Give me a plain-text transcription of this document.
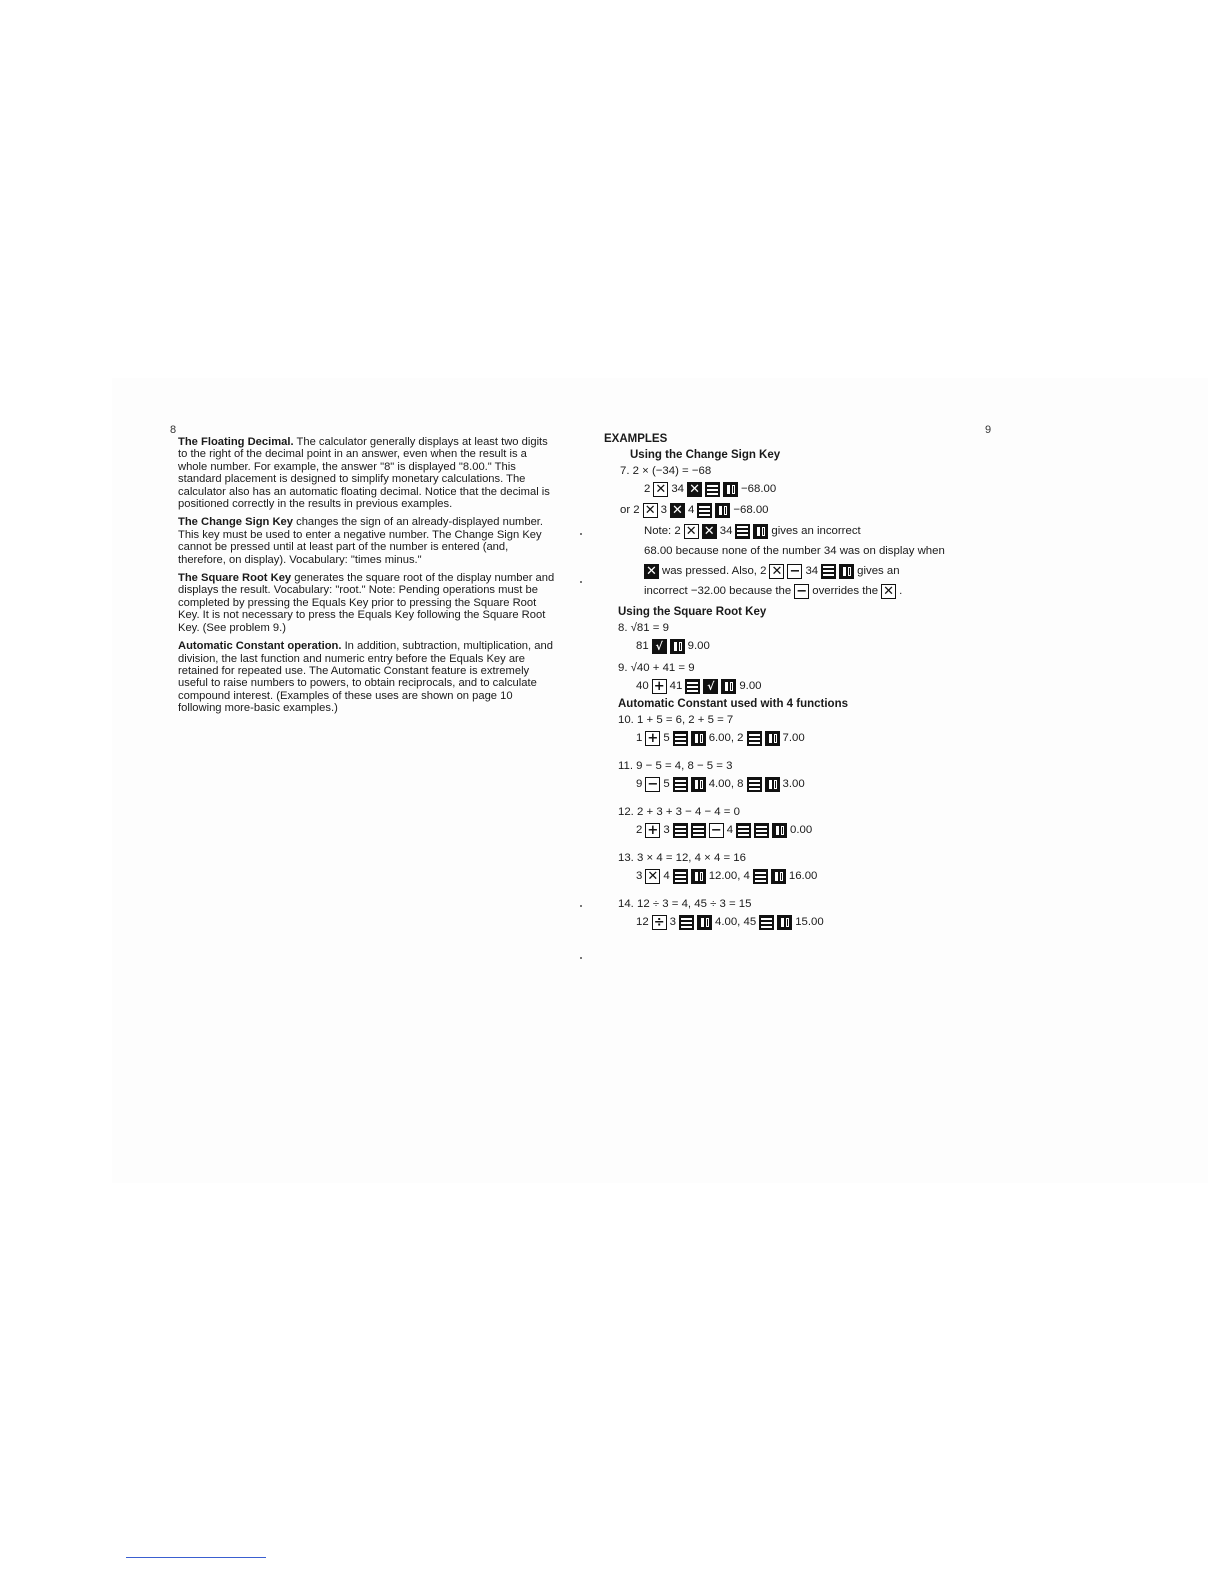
8	9

The Floating Decimal. The calculator generally displays at least two digits to the right of the decimal point in an answer, even when the result is a whole number. For example, the answer "8" is displayed "8.00." This standard placement is designed to simplify monetary calculations. The calculator also has an automatic floating decimal. Notice that the decimal is positioned correctly in the results in previous examples.

The Change Sign Key changes the sign of an already-displayed number. This key must be used to enter a negative number. The Change Sign Key cannot be pressed until at least part of the number is entered (and, therefore, on display). Vocabulary: "times minus."

The Square Root Key generates the square root of the display number and displays the result. Vocabulary: "root." Note: Pending operations must be completed by pressing the Equals Key prior to pressing the Square Root Key. It is not necessary to press the Equals Key following the Square Root Key. (See problem 9.)

Automatic Constant operation. In addition, subtraction, multiplication, and division, the last function and numeric entry before the Equals Key are retained for repeated use. The Automatic Constant feature is extremely useful to raise numbers to powers, to obtain reciprocals, and to calculate compound interest. (Examples of these uses are shown on page 10 following more-basic examples.)

EXAMPLES
Using the Change Sign Key
7. 2 × (−34) = −68
2 ✕ 34 ✕	−68.00
or 2 ✕ 3 ✕ 4	−68.00
Note: 2 ✕ ✕ 34	gives an incorrect
68.00 because none of the number 34 was on display when
✕ was pressed. Also, 2 ✕ − 34	gives an
incorrect −32.00 because the − overrides the ✕ .
Using the Square Root Key
8. √81 = 9
81 √	9.00
9. √40 + 41 = 9
40 + 41	√	9.00
Automatic Constant used with 4 functions
10. 1 + 5 = 6, 2 + 5 = 7
1 + 5	6.00, 2	7.00
11. 9 − 5 = 4, 8 − 5 = 3
9 − 5	4.00, 8	3.00
12. 2 + 3 + 3 − 4 − 4 = 0
2 + 3	− 4	0.00
13. 3 × 4 = 12, 4 × 4 = 16
3 ✕ 4	12.00, 4	16.00
14. 12 ÷ 3 = 4, 45 ÷ 3 = 15
12 ÷ 3	4.00, 45	15.00
